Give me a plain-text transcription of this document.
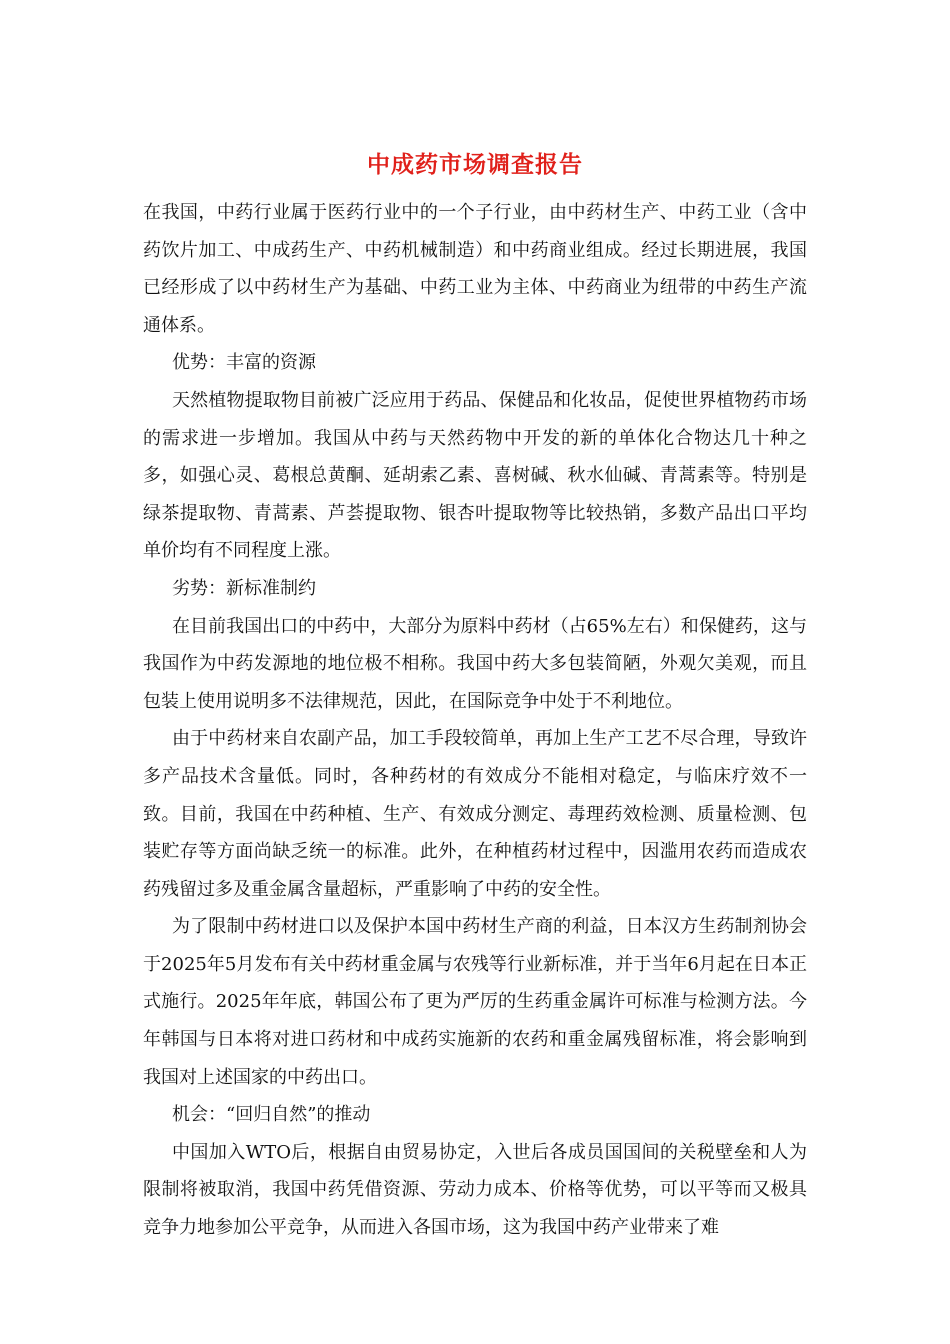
中成药市场调查报告

在我国，中药行业属于医药行业中的一个子行业，由中药材生产、中药工业（含中药饮片加工、中成药生产、中药机械制造）和中药商业组成。经过长期进展，我国已经形成了以中药材生产为基础、中药工业为主体、中药商业为纽带的中药生产流通体系。

优势：丰富的资源

天然植物提取物目前被广泛应用于药品、保健品和化妆品，促使世界植物药市场的需求进一步增加。我国从中药与天然药物中开发的新的单体化合物达几十种之多，如强心灵、葛根总黄酮、延胡索乙素、喜树碱、秋水仙碱、青蒿素等。特别是绿茶提取物、青蒿素、芦荟提取物、银杏叶提取物等比较热销，多数产品出口平均单价均有不同程度上涨。

劣势：新标准制约

在目前我国出口的中药中，大部分为原料中药材（占65%左右）和保健药，这与我国作为中药发源地的地位极不相称。我国中药大多包装简陋，外观欠美观，而且包装上使用说明多不法律规范，因此，在国际竞争中处于不利地位。

由于中药材来自农副产品，加工手段较简单，再加上生产工艺不尽合理，导致许多产品技术含量低。同时，各种药材的有效成分不能相对稳定，与临床疗效不一致。目前，我国在中药种植、生产、有效成分测定、毒理药效检测、质量检测、包装贮存等方面尚缺乏统一的标准。此外，在种植药材过程中，因滥用农药而造成农药残留过多及重金属含量超标，严重影响了中药的安全性。

为了限制中药材进口以及保护本国中药材生产商的利益，日本汉方生药制剂协会于2025年5月发布有关中药材重金属与农残等行业新标准，并于当年6月起在日本正式施行。2025年年底，韩国公布了更为严厉的生药重金属许可标准与检测方法。今年韩国与日本将对进口药材和中成药实施新的农药和重金属残留标准，将会影响到我国对上述国家的中药出口。

机会：“回归自然”的推动

中国加入WTO后，根据自由贸易协定，入世后各成员国国间的关税壁垒和人为限制将被取消，我国中药凭借资源、劳动力成本、价格等优势，可以平等而又极具竞争力地参加公平竞争，从而进入各国市场，这为我国中药产业带来了难
